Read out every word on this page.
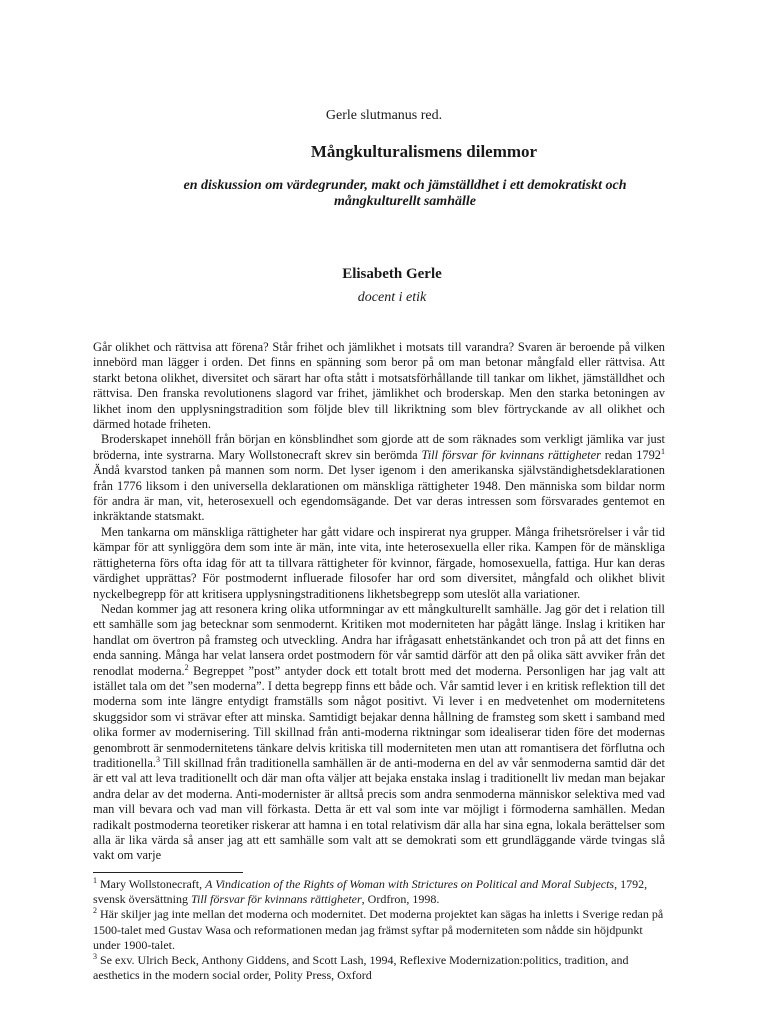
Gerle slutmanus red.
Mångkulturalismens dilemmor
en diskussion om värdegrunder, makt och jämställdhet i ett demokratiskt och mångkulturellt samhälle
Elisabeth Gerle
docent i etik

Går olikhet och rättvisa att förena? Står frihet och jämlikhet i motsats till varandra? Svaren är beroende på vilken innebörd man lägger i orden. Det finns en spänning som beror på om man betonar mångfald eller rättvisa. Att starkt betona olikhet, diversitet och särart har ofta stått i motsatsförhållande till tankar om likhet, jämställdhet och rättvisa. Den franska revolutionens slagord var frihet, jämlikhet och broderskap. Men den starka betoningen av likhet inom den upplysningstradition som följde blev till likriktning som blev förtryckande av all olikhet och därmed hotade friheten.

Broderskapet innehöll från början en könsblindhet som gjorde att de som räknades som verkligt jämlika var just bröderna, inte systrarna. Mary Wollstonecraft skrev sin berömda Till försvar för kvinnans rättigheter redan 1792$^1$ Ändå kvarstod tanken på mannen som norm. Det lyser igenom i den amerikanska självständighetsdeklarationen från 1776 liksom i den universella deklarationen om mänskliga rättigheter 1948. Den människa som bildar norm för andra är man, vit, heterosexuell och egendomsägande. Det var deras intressen som försvarades gentemot en inkräktande statsmakt.

Men tankarna om mänskliga rättigheter har gått vidare och inspirerat nya grupper. Många frihetsrörelser i vår tid kämpar för att synliggöra dem som inte är män, inte vita, inte heterosexuella eller rika. Kampen för de mänskliga rättigheterna förs ofta idag för att ta tillvara rättigheter för kvinnor, färgade, homosexuella, fattiga. Hur kan deras värdighet upprättas? För postmodernt influerade filosofer har ord som diversitet, mångfald och olikhet blivit nyckelbegrepp för att kritisera upplysningstraditionens likhetsbegrepp som uteslöt alla variationer.

Nedan kommer jag att resonera kring olika utformningar av ett mångkulturellt samhälle. Jag gör det i relation till ett samhälle som jag betecknar som senmodernt. Kritiken mot moderniteten har pågått länge. Inslag i kritiken har handlat om övertron på framsteg och utveckling. Andra har ifrågasatt enhetstänkandet och tron på att det finns en enda sanning. Många har velat lansera ordet postmodern för vår samtid därför att den på olika sätt avviker från det renodlat moderna.$^2$ Begreppet ”post” antyder dock ett totalt brott med det moderna. Personligen har jag valt att istället tala om det ”sen moderna”. I detta begrepp finns ett både och. Vår samtid lever i en kritisk reflektion till det moderna som inte längre entydigt framställs som något positivt. Vi lever i en medvetenhet om modernitetens skuggsidor som vi strävar efter att minska. Samtidigt bejakar denna hållning de framsteg som skett i samband med olika former av modernisering. Till skillnad från anti-moderna riktningar som idealiserar tiden före det modernas genombrott är senmodernitetens tänkare delvis kritiska till moderniteten men utan att romantisera det förflutna och traditionella.$^3$ Till skillnad från traditionella samhällen är de anti-moderna en del av vår senmoderna samtid där det är ett val att leva traditionellt och där man ofta väljer att bejaka enstaka inslag i traditionellt liv medan man bejakar andra delar av det moderna. Anti-modernister är alltså precis som andra senmoderna människor selektiva med vad man vill bevara och vad man vill förkasta. Detta är ett val som inte var möjligt i förmoderna samhällen. Medan radikalt postmoderna teoretiker riskerar att hamna i en total relativism där alla har sina egna, lokala berättelser som alla är lika värda så anser jag att ett samhälle som valt att se demokrati som ett grundläggande värde tvingas slå vakt om varje

$^1$ Mary Wollstonecraft, A Vindication of the Rights of Woman with Strictures on Political and Moral Subjects, 1792, svensk översättning Till försvar för kvinnans rättigheter, Ordfron, 1998.

$^2$ Här skiljer jag inte mellan det moderna och modernitet. Det moderna projektet kan sägas ha inletts i Sverige redan på 1500-talet med Gustav Wasa och reformationen medan jag främst syftar på moderniteten som nådde sin höjdpunkt under 1900-talet.

$^3$ Se exv. Ulrich Beck, Anthony Giddens, and Scott Lash, 1994, Reflexive Modernization:politics, tradition, and aesthetics in the modern social order, Polity Press, Oxford
